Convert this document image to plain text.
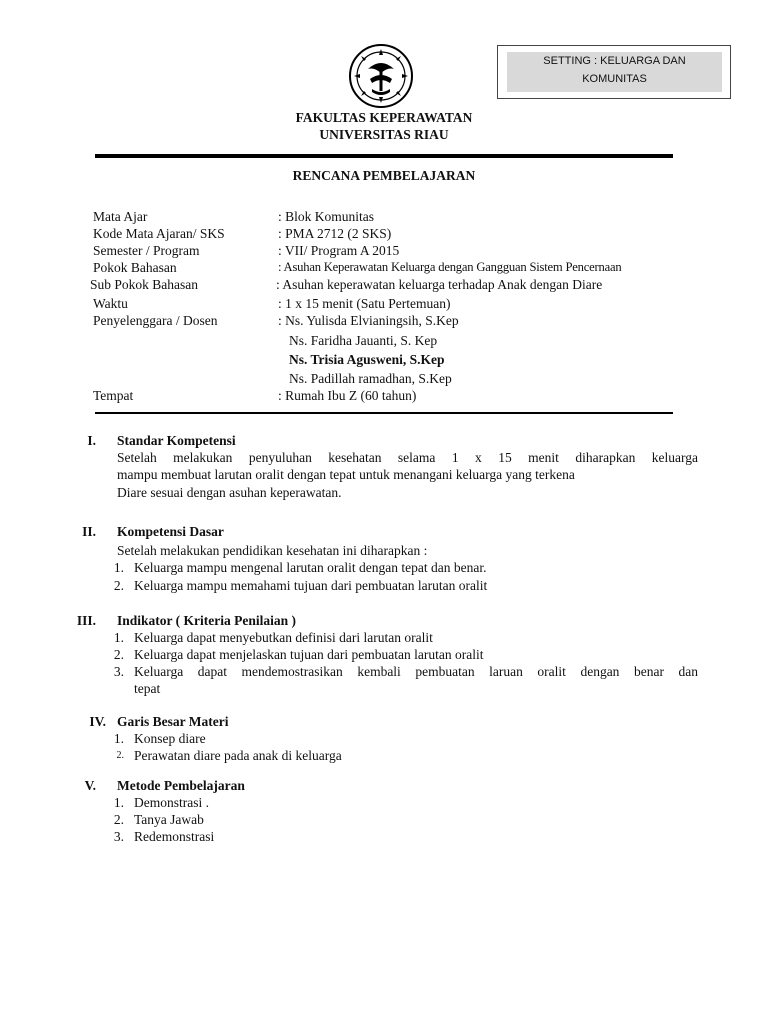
SETTING : KELUARGA DAN
KOMUNITAS
FAKULTAS KEPERAWATAN
UNIVERSITAS RIAU
RENCANA PEMBELAJARAN
Mata Ajar	: Blok Komunitas
Kode Mata Ajaran/ SKS	: PMA 2712 (2 SKS)
Semester / Program	: VII/ Program A 2015
Pokok Bahasan	: Asuhan Keperawatan Keluarga dengan Gangguan Sistem Pencernaan
Sub Pokok Bahasan	: Asuhan keperawatan keluarga terhadap Anak dengan Diare
Waktu	: 1 x 15 menit (Satu Pertemuan)
Penyelenggara / Dosen	: Ns. Yulisda Elvianingsih, S.Kep
Ns. Faridha Jauanti, S. Kep
Ns. Trisia Agusweni, S.Kep
Ns. Padillah ramadhan, S.Kep
Tempat	: Rumah Ibu Z (60 tahun)
I. Standar Kompetensi
Setelah melakukan penyuluhan kesehatan selama 1 x 15 menit diharapkan keluarga
mampu membuat larutan oralit dengan tepat untuk menangani keluarga yang terkena
Diare sesuai dengan asuhan keperawatan.
II. Kompetensi Dasar
Setelah melakukan pendidikan kesehatan ini diharapkan :
1. Keluarga mampu mengenal larutan oralit dengan tepat dan benar.
2. Keluarga mampu memahami tujuan dari pembuatan larutan oralit
III. Indikator ( Kriteria Penilaian )
1. Keluarga dapat menyebutkan definisi dari larutan oralit
2. Keluarga dapat menjelaskan tujuan dari pembuatan larutan oralit
3. Keluarga dapat mendemostrasikan kembali pembuatan laruan oralit dengan benar dan
tepat
IV. Garis Besar Materi
1. Konsep diare
2. Perawatan diare pada anak di keluarga
V. Metode Pembelajaran
1. Demonstrasi .
2. Tanya Jawab
3. Redemonstrasi
